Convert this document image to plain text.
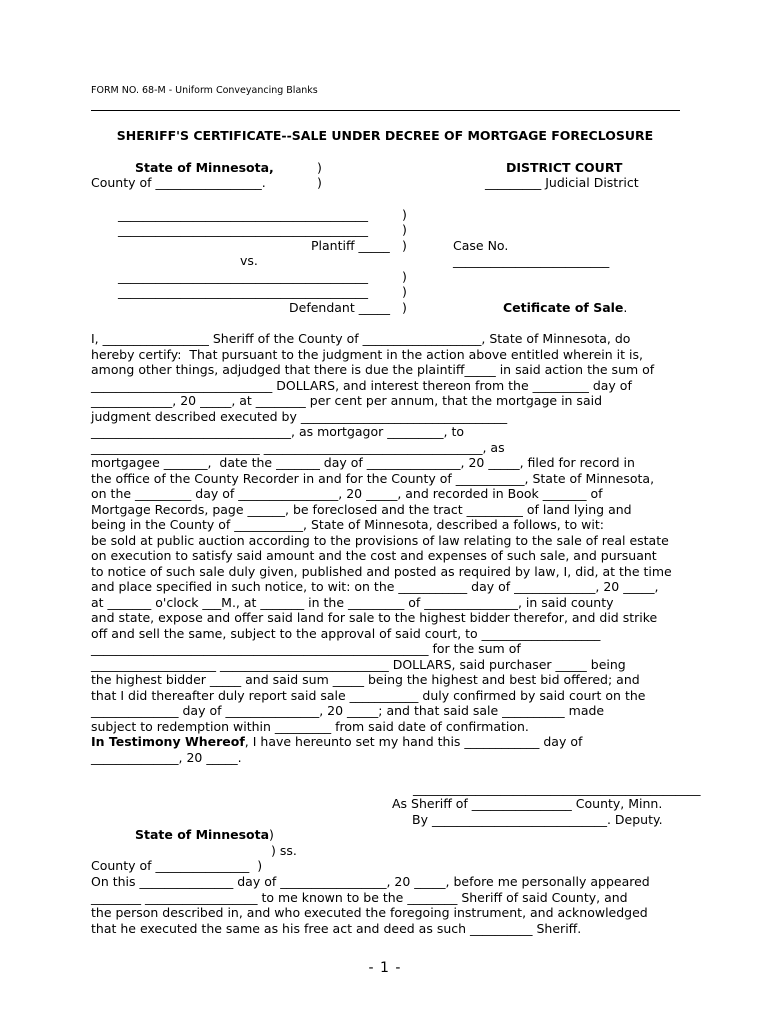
FORM NO. 68-M - Uniform Conveyancing Blanks
SHERIFF'S CERTIFICATE--SALE UNDER DECREE OF MORTGAGE FORECLOSURE
State of Minnesota,	)	DISTRICT COURT
County of _________________.	)	_________ Judicial District
________________________________________	)
________________________________________	)
Plantiff _____ )	Case No.
vs.	_________________________
________________________________________	)
________________________________________	)
Defendant _____ )	Cetificate of Sale.
I, _________________ Sheriff of the County of ___________________, State of Minnesota, do
hereby certify:  That pursuant to the judgment in the action above entitled wherein it is,
among other things, adjudged that there is due the plaintiff_____ in said action the sum of
_____________________________ DOLLARS, and interest thereon from the _________ day of
_____________, 20 _____, at ________ per cent per annum, that the mortgage in said
judgment described executed by _________________________________
________________________________, as mortgagor _________, to
___________________________ ___________________________________, as
mortgagee _______,  date the _______ day of _______________, 20 _____, filed for record in
the office of the County Recorder in and for the County of ___________, State of Minnesota,
on the _________ day of ________________, 20 _____, and recorded in Book _______ of
Mortgage Records, page ______, be foreclosed and the tract _________ of land lying and
being in the County of ___________, State of Minnesota, described a follows, to wit:
be sold at public auction according to the provisions of law relating to the sale of real estate
on execution to satisfy said amount and the cost and expenses of such sale, and pursuant
to notice of such sale duly given, published and posted as required by law, I, did, at the time
and place specified in such notice, to wit: on the ___________ day of _____________, 20 _____,
at _______ o'clock ___M., at _______ in the _________ of _______________, in said county
and state, expose and offer said land for sale to the highest bidder therefor, and did strike
off and sell the same, subject to the approval of said court, to ___________________
______________________________________________________ for the sum of
____________________ ___________________________ DOLLARS, said purchaser _____ being
the highest bidder _____ and said sum _____ being the highest and best bid offered; and
that I did thereafter duly report said sale ___________ duly confirmed by said court on the
______________ day of _______________, 20 _____; and that said sale __________ made
subject to redemption within _________ from said date of confirmation.
In Testimony Whereof, I have hereunto set my hand this ____________ day of
______________, 20 _____.
______________________________________________
As Sheriff of ________________ County, Minn.
By ____________________________. Deputy.
State of Minnesota)
) ss.
County of _______________  )
On this _______________ day of _________________, 20 _____, before me personally appeared
________ __________________ to me known to be the ________ Sheriff of said County, and
the person described in, and who executed the foregoing instrument, and acknowledged
that he executed the same as his free act and deed as such __________ Sheriff.
- 1 -
